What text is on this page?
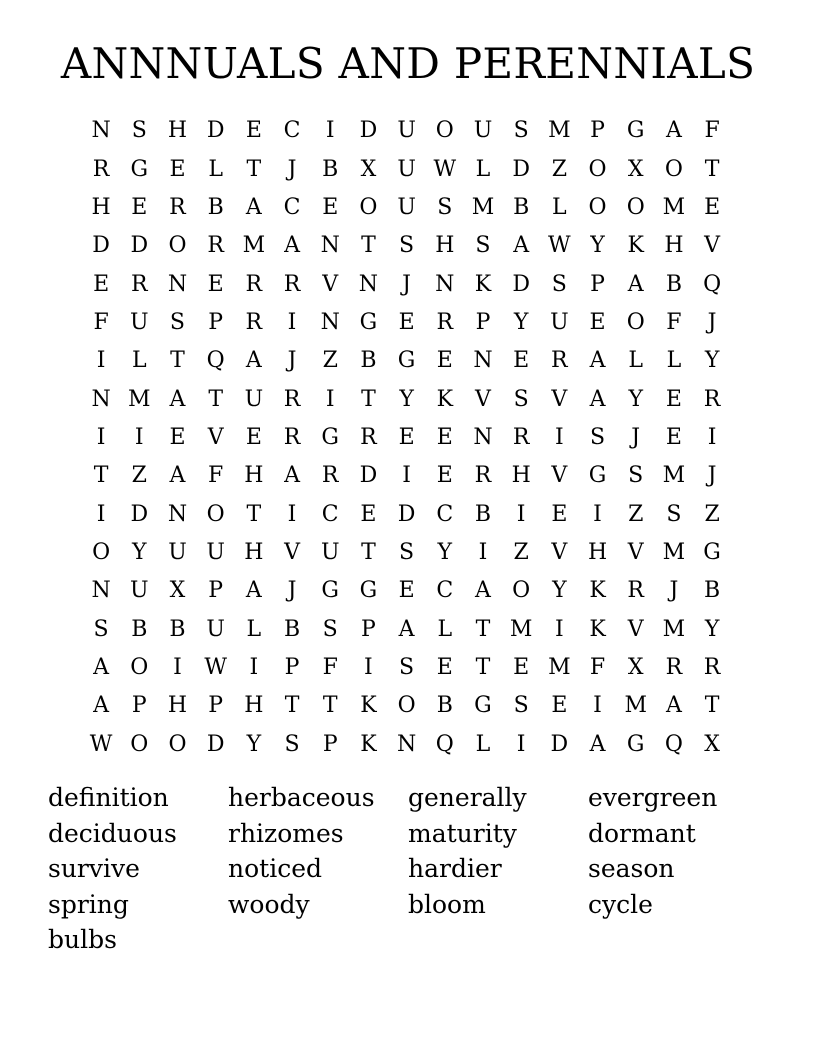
ANNNUALS AND PERENNIALS
N S H D E C	I	D U O U S M P G A	F
R G E	L	T	J	B	X U W L	D Z O X O T
H E R B	A C E O U S M B	L O O M E
D D O R M A N T	S H S	A W Y	K H V
E R N E R R V N	J	N K D S	P	A	B Q
F U S	P	R	I	N G E R	P	Y U E O F	J
I	L	T Q A	J	Z	B G E N E R A	L	L	Y
N M A	T U R	I	T	Y	K	V	S	V	A	Y	E R
I	I	E	V	E R G R E	E N R	I	S	J	E	I
T	Z	A	F H A R D	I	E R H V G S M	J
I	D N O T	I	C E D C B	I	E	I	Z	S	Z
O Y U U H V U T	S	Y	I	Z	V H V M G
N U X	P	A	J	G G E C A O Y	K R	J	B
S	B	B U L	B	S	P	A	L	T M	I	K	V M Y
A O	I	W	I	P	F	I	S	E	T	E M F	X	R R
A	P H P H T	T	K O B G S	E	I	M A	T
W O O D	Y	S	P	K N Q L	I	D A G Q X
definition	herbaceous	generally	evergreen
deciduous	rhizomes	maturity	dormant
survive	noticed	hardier	season
spring	woody	bloom	cycle
bulbs
